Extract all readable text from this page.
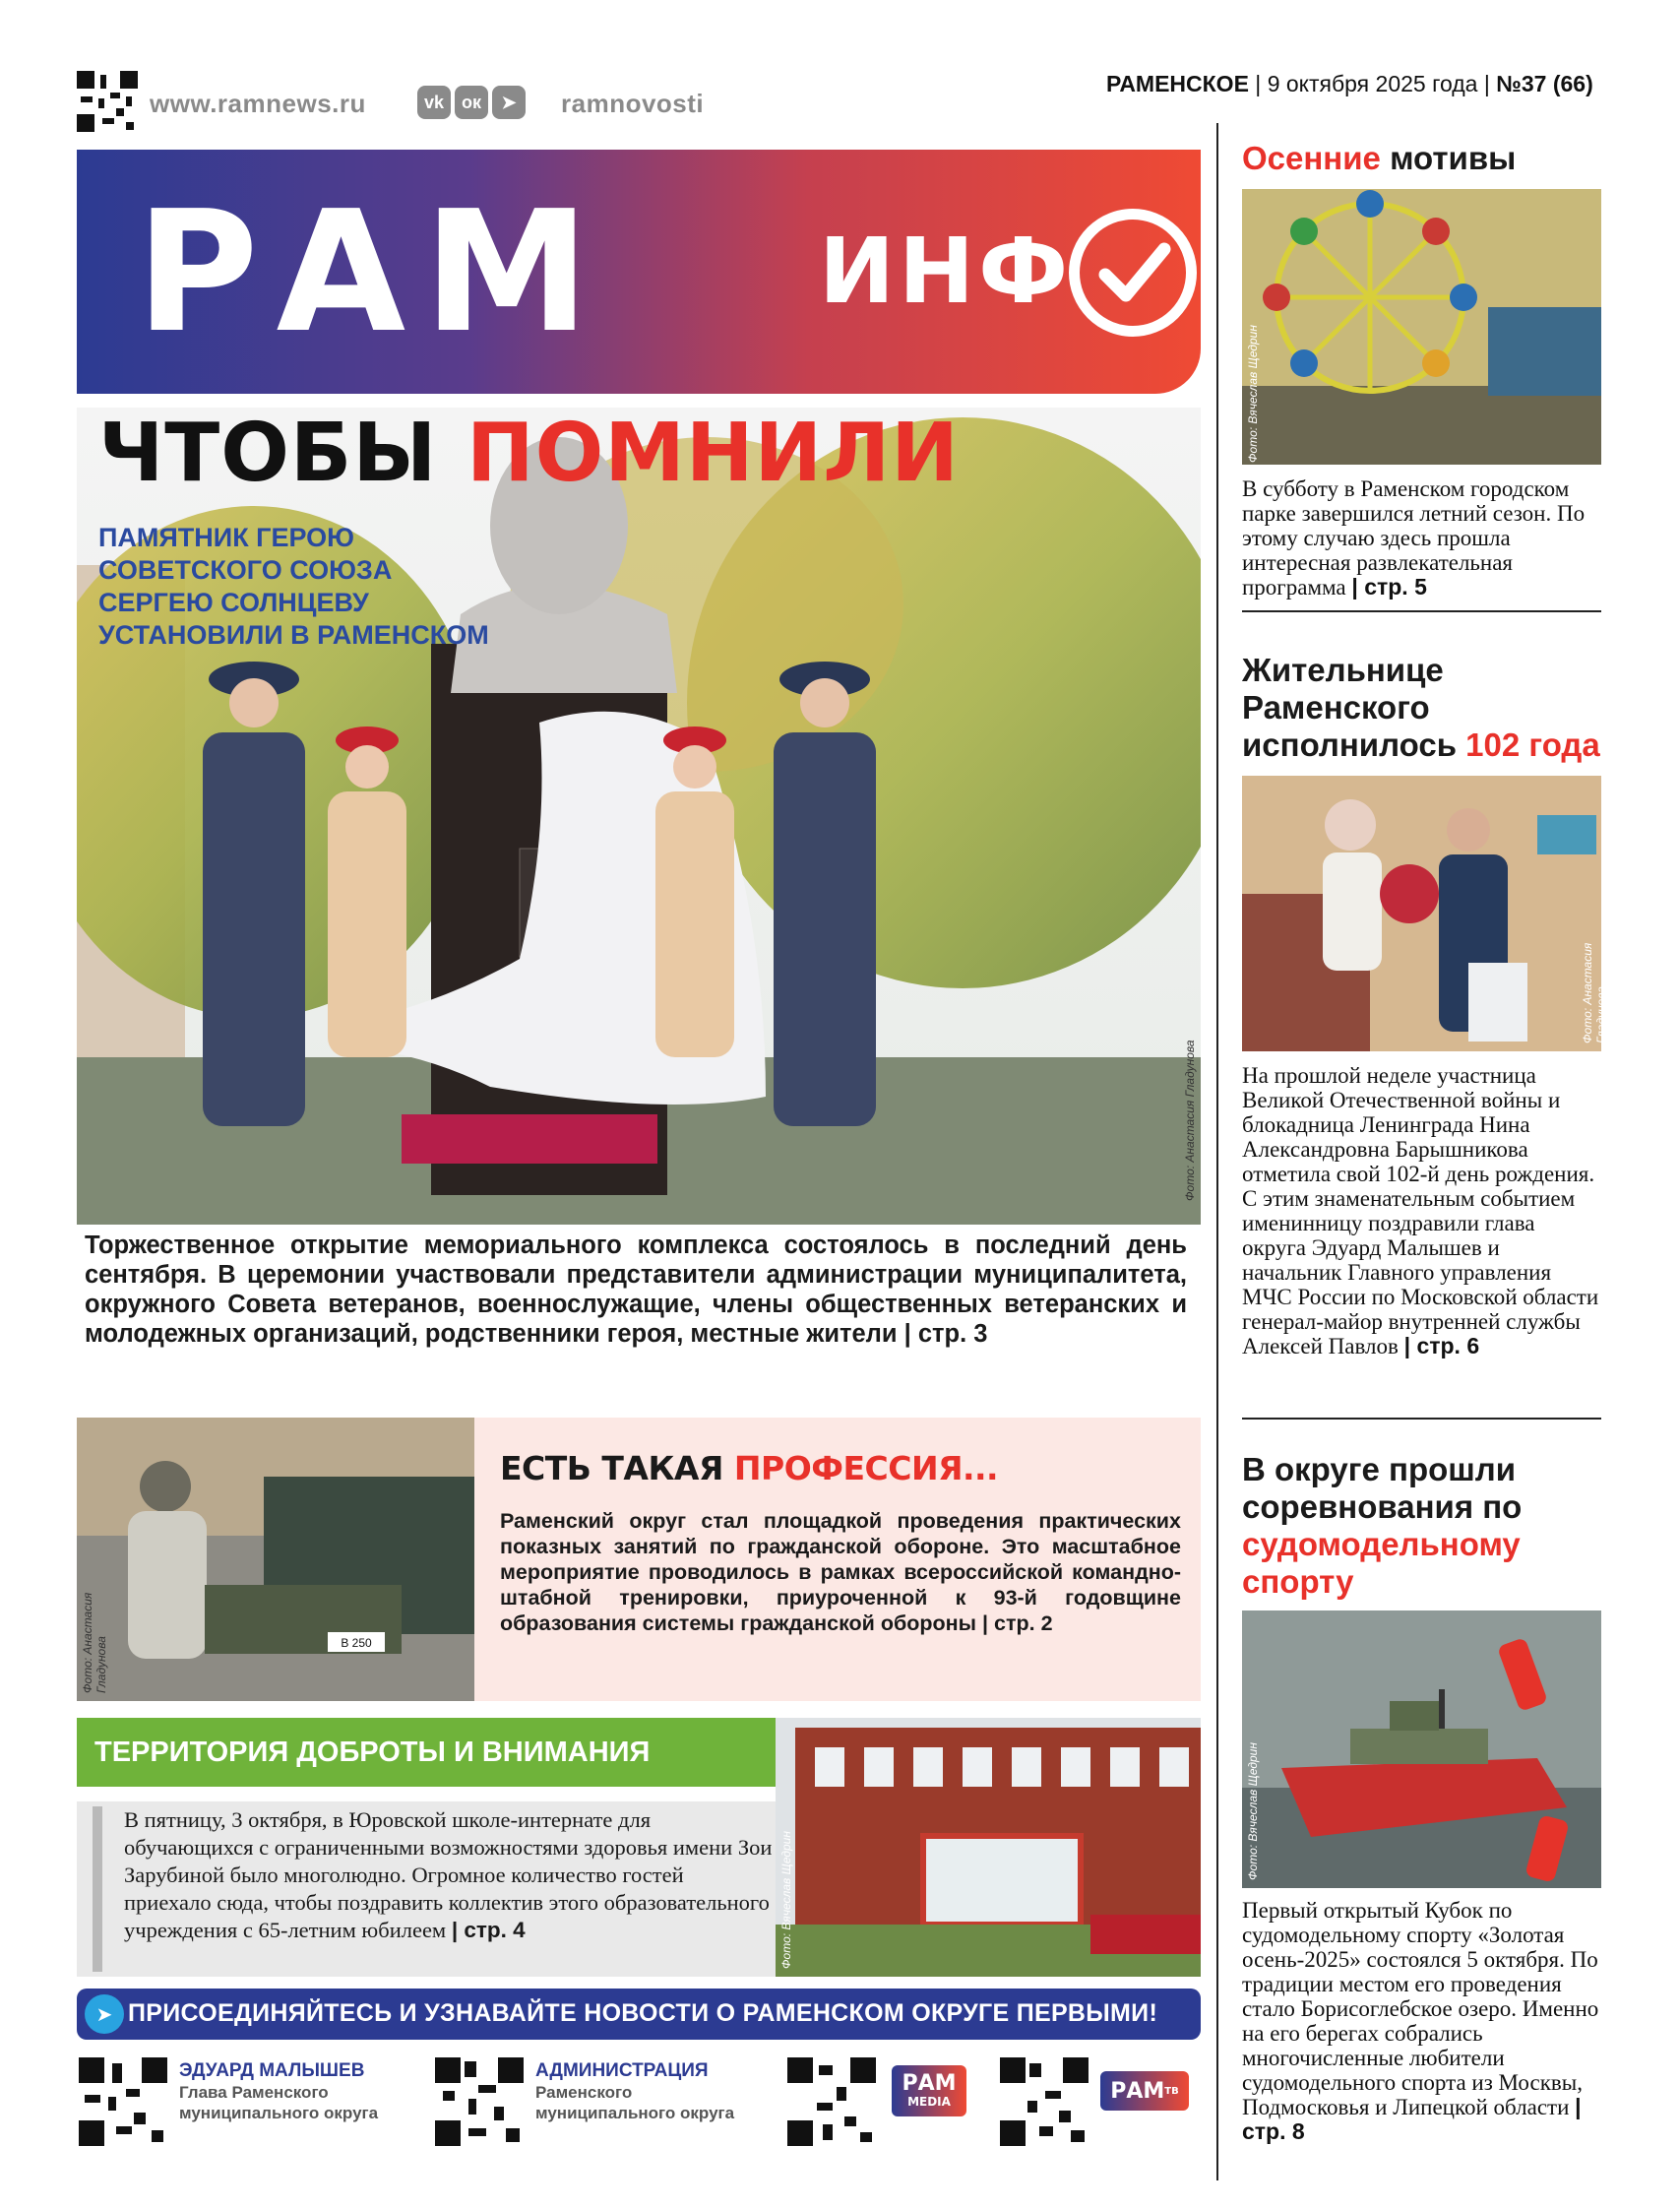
www.ramnews.ru	vk ок	➤	ramnovosti
РАМЕНСКОЕ | 9 октября 2025 года | №37 (66)
РАМ ИНФ
ЧТОБЫ ПОМНИЛИ
ПАМЯТНИК ГЕРОЮ СОВЕТСКОГО СОЮЗА СЕРГЕЮ СОЛНЦЕВУ УСТАНОВИЛИ В РАМЕНСКОМ
Фото: Анастасия Гладунова
Торжественное открытие мемориального комплекса состоялось в последний день сентября. В церемонии участвовали представители администрации муниципалитета, окружного Совета ветеранов, военнослужащие, члены общественных ветеранских и молодежных организаций, родственники героя, местные жители | стр. 3
Осенние мотивы
Фото: Вячеслав Щедрин
В субботу в Раменском городском парке завершился летний сезон. По этому случаю здесь прошла интересная развлекательная программа | стр. 5
Жительнице Раменского исполнилось 102 года
Фото: Анастасия Гладунова
На прошлой неделе участница Великой Отечественной войны и блокадница Ленинграда Нина Александровна Барышникова отметила свой 102-й день рождения. С этим знаменательным событием именинницу поздравили глава округа Эдуард Малышев и начальник Главного управления МЧС России по Московской области генерал-майор внутренней службы Алексей Павлов | стр. 6
В округе прошли соревнования по судомодельному спорту
Фото: Вячеслав Щедрин
Первый открытый Кубок по судомодельному спорту «Золотая осень-2025» состоялся 5 октября. По традиции местом его проведения стало Борисоглебское озеро. Именно на его берегах собрались многочисленные любители судомодельного спорта из Москвы, Подмосковья и Липецкой области | стр. 8
В 250
Фото: Анастасия Гладунова
ЕСТЬ ТАКАЯ ПРОФЕССИЯ...
Раменский округ стал площадкой проведения практических показных занятий по гражданской обороне. Это масштабное мероприятие проводилось в рамках всероссийской командно-штабной тренировки, приуроченной к 93-й годовщине образования системы гражданской обороны | стр. 2
ТЕРРИТОРИЯ ДОБРОТЫ И ВНИМАНИЯ
В пятницу, 3 октября, в Юровской школе-интернате для обучающихся с ограниченными возможностями здоровья имени Зои Зарубиной было многолюдно. Огромное количество гостей приехало сюда, чтобы поздравить коллектив этого образовательного учреждения с 65-летним юбилеем | стр. 4	Фото: Вячеслав Щедрин
➤ ПРИСОЕДИНЯЙТЕСЬ И УЗНАВАЙТЕ НОВОСТИ О РАМЕНСКОМ ОКРУГЕ ПЕРВЫМИ!
ЭДУАРД МАЛЫШЕВ
Глава Раменского муниципального округа
АДМИНИСТРАЦИЯ
Раменского муниципального округа
РАМ
MEDIA	РАМ ТВ
